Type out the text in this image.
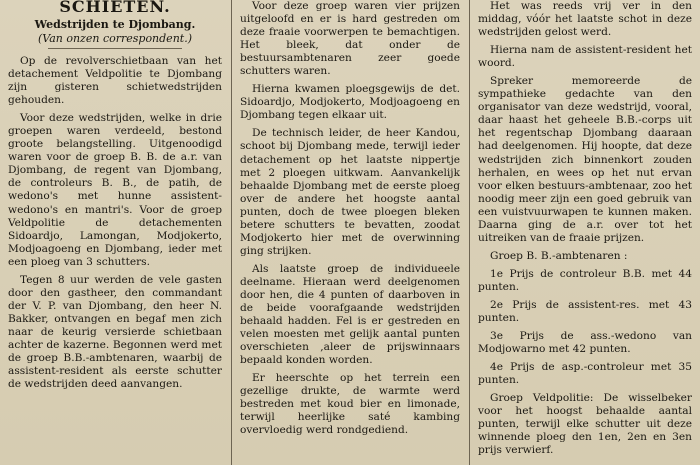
SCHIETEN.
Wedstrijden te Djombang.
(Van onzen correspondent.)

Op de revolverschietbaan van het detachement Veldpolitie te Djombang zijn gisteren schietwedstrijden gehouden.

Voor deze wedstrijden, welke in drie groepen waren verdeeld, bestond groote belangstelling. Uitgenoodigd waren voor de groep B. B. de a.r. van Djombang, de regent van Djombang, de controleurs B. B., de patih, de wedono's met hunne assistent-wedono's en mantri's. Voor de groep Veldpolitie de detachementen Sidoardjo, Lamongan, Modjokerto, Modjoagoeng en Djombang, ieder met een ploeg van 3 schutters.

Tegen 8 uur werden de vele gasten door den gastheer, den commandant der V. P. van Djombang, den heer N. Bakker, ontvangen en begaf men zich naar de keurig versierde schietbaan achter de kazerne. Begonnen werd met de groep B.B.-ambtenaren, waarbij de assistent-resident als eerste schutter de wedstrijden deed aanvangen.

Voor deze groep waren vier prijzen uitgeloofd en er is hard gestreden om deze fraaie voorwerpen te bemachtigen. Het bleek, dat onder de bestuursambtenaren zeer goede schutters waren.

Hierna kwamen ploegsgewijs de det. Sidoardjo, Modjokerto, Modjoagoeng en Djombang tegen elkaar uit.

De technisch leider, de heer Kandou, schoot bij Djombang mede, terwijl ieder detachement op het laatste nippertje met 2 ploegen uitkwam. Aanvankelijk behaalde Djombang met de eerste ploeg over de andere het hoogste aantal punten, doch de twee ploegen bleken betere schutters te bevatten, zoodat Modjokerto hier met de overwinning ging strijken.

Als laatste groep de individueele deelname. Hieraan werd deelgenomen door hen, die 4 punten of daarboven in de beide voorafgaande wedstrijden behaald hadden. Fel is er gestreden en velen moesten met gelijk aantal punten overschieten ,aleer de prijswinnaars bepaald konden worden.

Er heerschte op het terrein een gezellige drukte, de warmte werd bestreden met koud bier en limonade, terwijl heerlijke saté kambing overvloedig werd rondgediend.

Het was reeds vrij ver in den middag, vóór het laatste schot in deze wedstrijden gelost werd.

Hierna nam de assistent-resident het woord.

Spreker memoreerde de sympathieke gedachte van den organisator van deze wedstrijd, vooral, daar haast het geheele B.B.-corps uit het regentschap Djombang daaraan had deelgenomen. Hij hoopte, dat deze wedstrijden zich binnenkort zouden herhalen, en wees op het nut ervan voor elken bestuurs-ambtenaar, zoo het noodig meer zijn een goed gebruik van een vuistvuurwapen te kunnen maken. Daarna ging de a.r. over tot het uitreiken van de fraaie prijzen.

Groep B. B.-ambtenaren :

1e Prijs de controleur B.B. met 44 punten.

2e Prijs de assistent-res. met 43 punten.

3e Prijs de ass.-wedono van Modjowarno met 42 punten.

4e Prijs de asp.-controleur met 35 punten.

Groep Veldpolitie: De wisselbeker voor het hoogst behaalde aantal punten, terwijl elke schutter uit deze winnende ploeg den 1en, 2en en 3en prijs verwierf.
